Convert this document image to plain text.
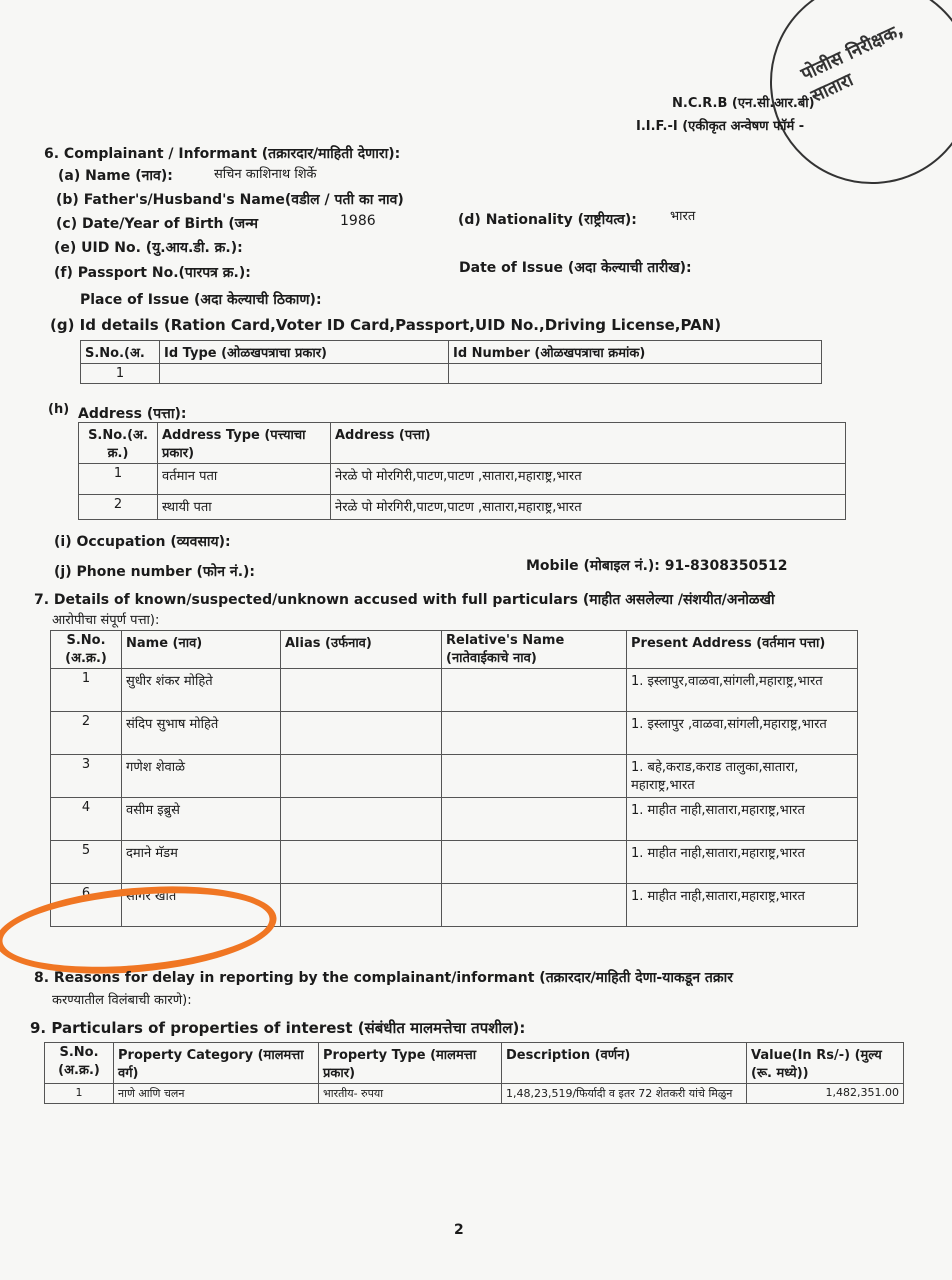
पोलीस निरीक्षक, सातारा
N.C.R.B (एन.सी.आर.बी)
I.I.F.-I (एकीकृत अन्वेषण फॉर्म -
6. Complainant / Informant (तक्रारदार/माहिती देणारा):
(a) Name (नाव):	सचिन काशिनाथ शिर्के
(b) Father's/Husband's Name(वडील / पती का नाव)
(c) Date/Year of Birth (जन्म	1986	(d) Nationality (राष्ट्रीयत्व):	भारत
(e) UID No. (यु.आय.डी. क्र.):
(f) Passport No.(पारपत्र क्र.):	Date of Issue (अदा केल्याची तारीख):
Place of Issue (अदा केल्याची ठिकाण):
(g) Id details (Ration Card,Voter ID Card,Passport,UID No.,Driving License,PAN)
S.No.(अ.	Id Type (ओळखपत्राचा प्रकार)	Id Number (ओळखपत्राचा क्रमांक)
1		
(h) Address (पत्ता):
S.No.(अ. क्र.)	Address Type (पत्त्याचा प्रकार)	Address (पत्ता)
1	वर्तमान पता	नेरळे पो मोरगिरी,पाटण,पाटण ,सातारा,महाराष्ट्र,भारत
2	स्थायी पता	नेरळे पो मोरगिरी,पाटण,पाटण ,सातारा,महाराष्ट्र,भारत
(i) Occupation (व्यवसाय):
(j) Phone number (फोन नं.):	Mobile (मोबाइल नं.): 91-8308350512
7. Details of known/suspected/unknown accused with full particulars (माहीत असलेल्या /संशयीत/अनोळखी
आरोपीचा संपूर्ण पत्ता):
S.No. (अ.क्र.)	Name (नाव)	Alias (उर्फनाव)	Relative's Name (नातेवाईकाचे नाव)	Present Address (वर्तमान पत्ता)
1	सुधीर शंकर मोहिते			1. इस्लापुर,वाळवा,सांगली,महाराष्ट्र,भारत
2	संदिप सुभाष मोहिते			1. इस्लापुर ,वाळवा,सांगली,महाराष्ट्र,भारत
3	गणेश शेवाळे			1. बहे,कराड,कराड तालुका,सातारा, महाराष्ट्र,भारत
4	वसीम इब्रुसे			1. माहीत नाही,सातारा,महाराष्ट्र,भारत
5	दमाने मॅडम			1. माहीत नाही,सातारा,महाराष्ट्र,भारत
6	सागर खोत			1. माहीत नाही,सातारा,महाराष्ट्र,भारत
8. Reasons for delay in reporting by the complainant/informant (तक्रारदार/माहिती देणा-याकडून तक्रार
करण्यातील विलंबाची कारणे):
9. Particulars of properties of interest (संबंधीत मालमत्तेचा तपशील):
S.No. (अ.क्र.)	Property Category (मालमत्ता वर्ग)	Property Type (मालमत्ता प्रकार)	Description (वर्णन)	Value(In Rs/-) (मुल्य (रू. मध्ये))
1	नाणे आणि चलन	भारतीय- रुपया	1,48,23,519/फिर्यादी व इतर 72 शेतकरी यांचे मिळुन	1,482,351.00
2
